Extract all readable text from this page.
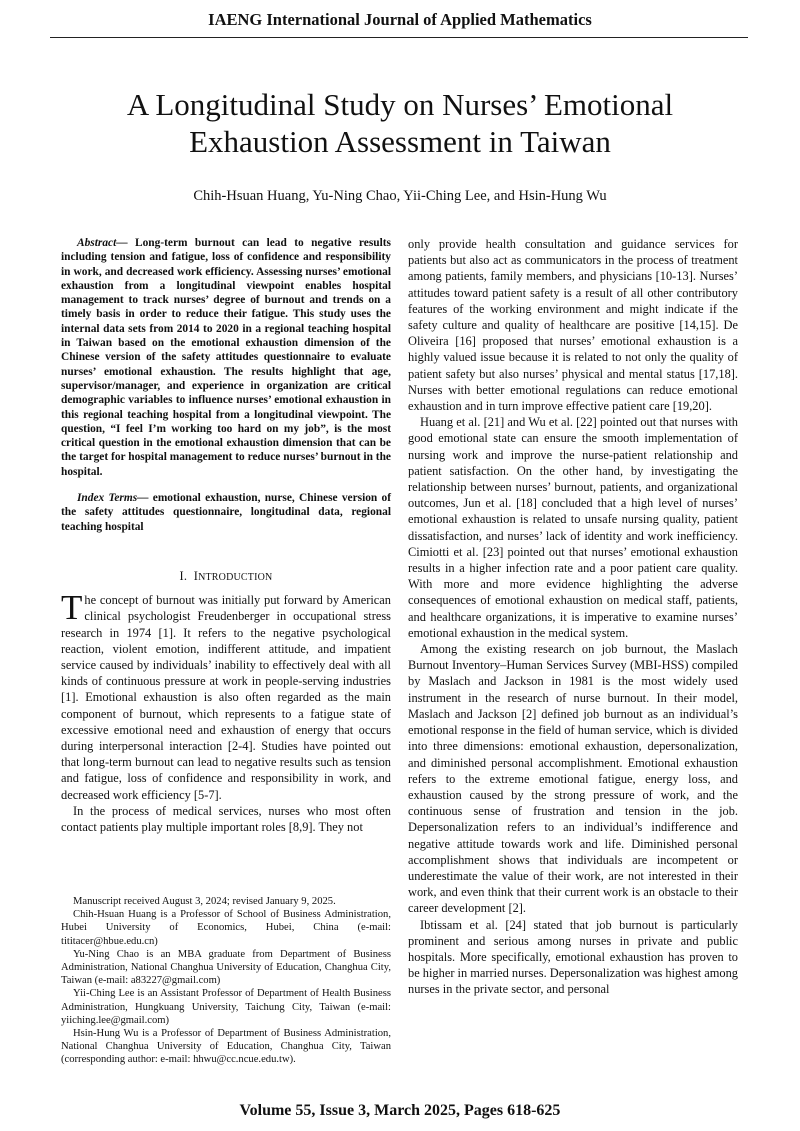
IAENG International Journal of Applied Mathematics
A Longitudinal Study on Nurses’ Emotional
Exhaustion Assessment in Taiwan
Chih-Hsuan Huang, Yu-Ning Chao, Yii-Ching Lee, and Hsin-Hung Wu

Abstract— Long-term burnout can lead to negative results including tension and fatigue, loss of confidence and responsibility in work, and decreased work efficiency. Assessing nurses’ emotional exhaustion from a longitudinal viewpoint enables hospital management to track nurses’ degree of burnout and trends on a timely basis in order to reduce their fatigue. This study uses the internal data sets from 2014 to 2020 in a regional teaching hospital in Taiwan based on the emotional exhaustion dimension of the Chinese version of the safety attitudes questionnaire to evaluate nurses’ emotional exhaustion. The results highlight that age, supervisor/manager, and experience in organization are critical demographic variables to influence nurses’ emotional exhaustion in this regional teaching hospital from a longitudinal viewpoint. The question, “I feel I’m working too hard on my job”, is the most critical question in the emotional exhaustion dimension that can be the target for hospital management to reduce nurses’ burnout in the hospital.

Index Terms— emotional exhaustion, nurse, Chinese version of the safety attitudes questionnaire, longitudinal data, regional teaching hospital

I. INTRODUCTION

The concept of burnout was initially put forward by American clinical psychologist Freudenberger in occupational stress research in 1974 [1]. It refers to the negative psychological reaction, violent emotion, indifferent attitude, and impatient service caused by individuals’ inability to effectively deal with all kinds of continuous pressure at work in people-serving industries [1]. Emotional exhaustion is also often regarded as the main component of burnout, which represents to a fatigue state of excessive emotional need and exhaustion of energy that occurs during interpersonal interaction [2-4]. Studies have pointed out that long-term burnout can lead to negative results such as tension and fatigue, loss of confidence and responsibility in work, and decreased work efficiency [5-7].

In the process of medical services, nurses who most often contact patients play multiple important roles [8,9]. They not

Manuscript received August 3, 2024; revised January 9, 2025.

Chih-Hsuan Huang is a Professor of School of Business Administration, Hubei University of Economics, Hubei, China (e-mail: tititacer@hbue.edu.cn)

Yu-Ning Chao is an MBA graduate from Department of Business Administration, National Changhua University of Education, Changhua City, Taiwan (e-mail: a83227@gmail.com)

Yii-Ching Lee is an Assistant Professor of Department of Health Business Administration, Hungkuang University, Taichung City, Taiwan (e-mail: yiiching.lee@gmail.com)

Hsin-Hung Wu is a Professor of Department of Business Administration, National Changhua University of Education, Changhua City, Taiwan (corresponding author: e-mail: hhwu@cc.ncue.edu.tw).

only provide health consultation and guidance services for patients but also act as communicators in the process of treatment among patients, family members, and physicians [10-13]. Nurses’ attitudes toward patient safety is a result of all other contributory features of the working environment and might indicate if the safety culture and quality of healthcare are positive [14,15]. De Oliveira [16] proposed that nurses’ emotional exhaustion is a highly valued issue because it is related to not only the quality of patient safety but also nurses’ physical and mental status [17,18]. Nurses with better emotional regulations can reduce emotional exhaustion and in turn improve effective patient care [19,20].

Huang et al. [21] and Wu et al. [22] pointed out that nurses with good emotional state can ensure the smooth implementation of nursing work and improve the nurse-patient relationship and patient satisfaction. On the other hand, by investigating the relationship between nurses’ burnout, patients, and organizational outcomes, Jun et al. [18] concluded that a high level of nurses’ emotional exhaustion is related to unsafe nursing quality, patient dissatisfaction, and nurses’ lack of identity and work inefficiency. Cimiotti et al. [23] pointed out that nurses’ emotional exhaustion results in a higher infection rate and a poor patient care quality. With more and more evidence highlighting the adverse consequences of emotional exhaustion on medical staff, patients, and healthcare organizations, it is imperative to examine nurses’ emotional exhaustion in the medical system.

Among the existing research on job burnout, the Maslach Burnout Inventory–Human Services Survey (MBI-HSS) compiled by Maslach and Jackson in 1981 is the most widely used instrument in the research of nurse burnout. In their model, Maslach and Jackson [2] defined job burnout as an individual’s emotional response in the field of human service, which is divided into three dimensions: emotional exhaustion, depersonalization, and diminished personal accomplishment. Emotional exhaustion refers to the extreme emotional fatigue, energy loss, and exhaustion caused by the strong pressure of work, and the continuous sense of frustration and tension in the job. Depersonalization refers to an individual’s indifference and negative attitude towards work and life. Diminished personal accomplishment shows that individuals are incompetent or underestimate the value of their work, are not interested in their work, and even think that their current work is an obstacle to their career development [2].

Ibtissam et al. [24] stated that job burnout is particularly prominent and serious among nurses in private and public hospitals. More specifically, emotional exhaustion has proven to be higher in married nurses. Depersonalization was highest among nurses in the private sector, and personal

Volume 55, Issue 3, March 2025, Pages 618-625
